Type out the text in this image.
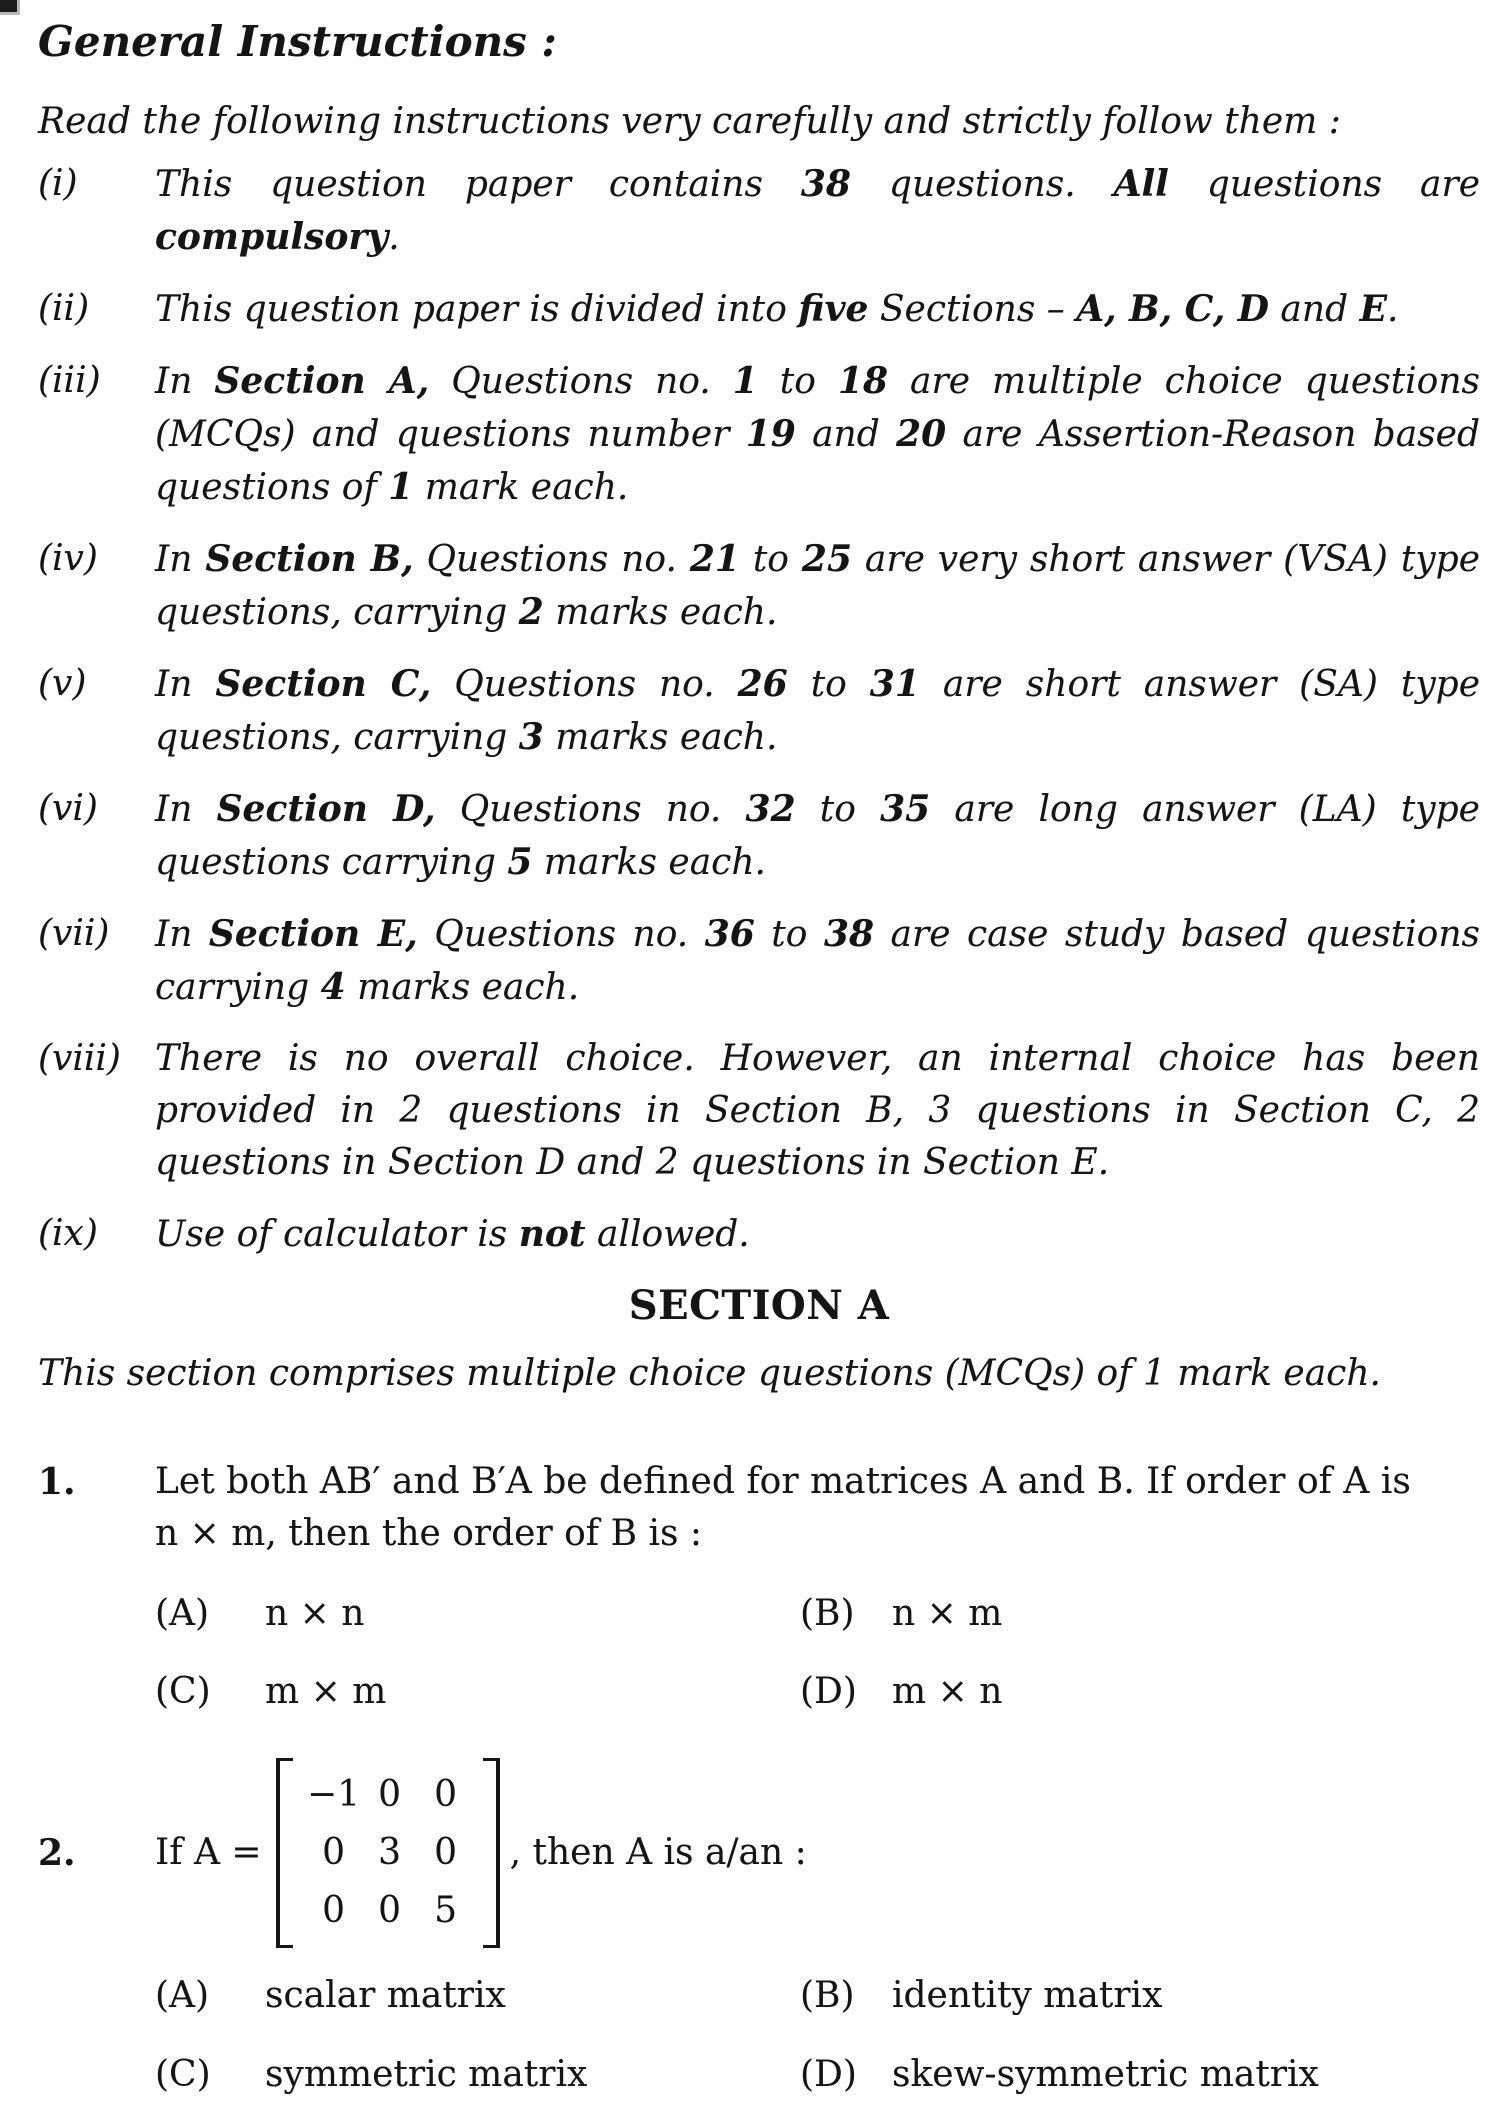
General Instructions :
Read the following instructions very carefully and strictly follow them :
(i)	This question paper contains 38 questions. All questions are compulsory.
(ii)	This question paper is divided into five Sections – A, B, C, D and E.
(iii)	In Section A, Questions no. 1 to 18 are multiple choice questions (MCQs) and questions number 19 and 20 are Assertion-Reason based questions of 1 mark each.
(iv)	In Section B, Questions no. 21 to 25 are very short answer (VSA) type questions, carrying 2 marks each.
(v)	In Section C, Questions no. 26 to 31 are short answer (SA) type questions, carrying 3 marks each.
(vi)	In Section D, Questions no. 32 to 35 are long answer (LA) type questions carrying 5 marks each.
(vii)	In Section E, Questions no. 36 to 38 are case study based questions carrying 4 marks each.
(viii) There is no overall choice. However, an internal choice has been provided in 2 questions in Section B, 3 questions in Section C, 2 questions in Section D and 2 questions in Section E.
(ix)	Use of calculator is not allowed.
SECTION A
This section comprises multiple choice questions (MCQs) of 1 mark each.
1.	Let both AB′ and B′A be defined for matrices A and B. If order of A is
n × m, then the order of B is :
(A)	n × n	(B)	n × m
(C)	m × m	(D) m × n
2.	If A =
−1 0 0
0 3 0
0 0 5
, then A is a/an :
(A)	scalar matrix	(B)	identity matrix
(C)	symmetric matrix	(D) skew-symmetric matrix
